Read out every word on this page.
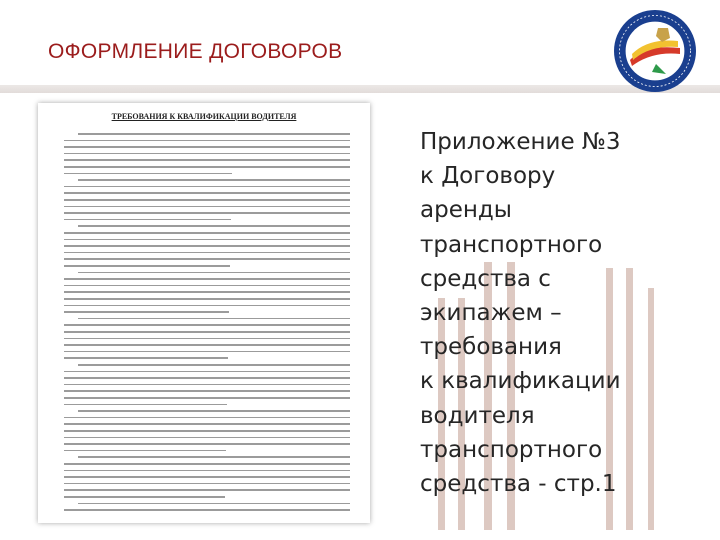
ОФОРМЛЕНИЕ ДОГОВОРОВ
ТРЕБОВАНИЯ К КВАЛИФИКАЦИИ ВОДИТЕЛЯ
Приложение №3
к Договору
аренды
транспортного
средства с
экипажем –
требования
к квалификации
водителя
транспортного
средства - стр.1
